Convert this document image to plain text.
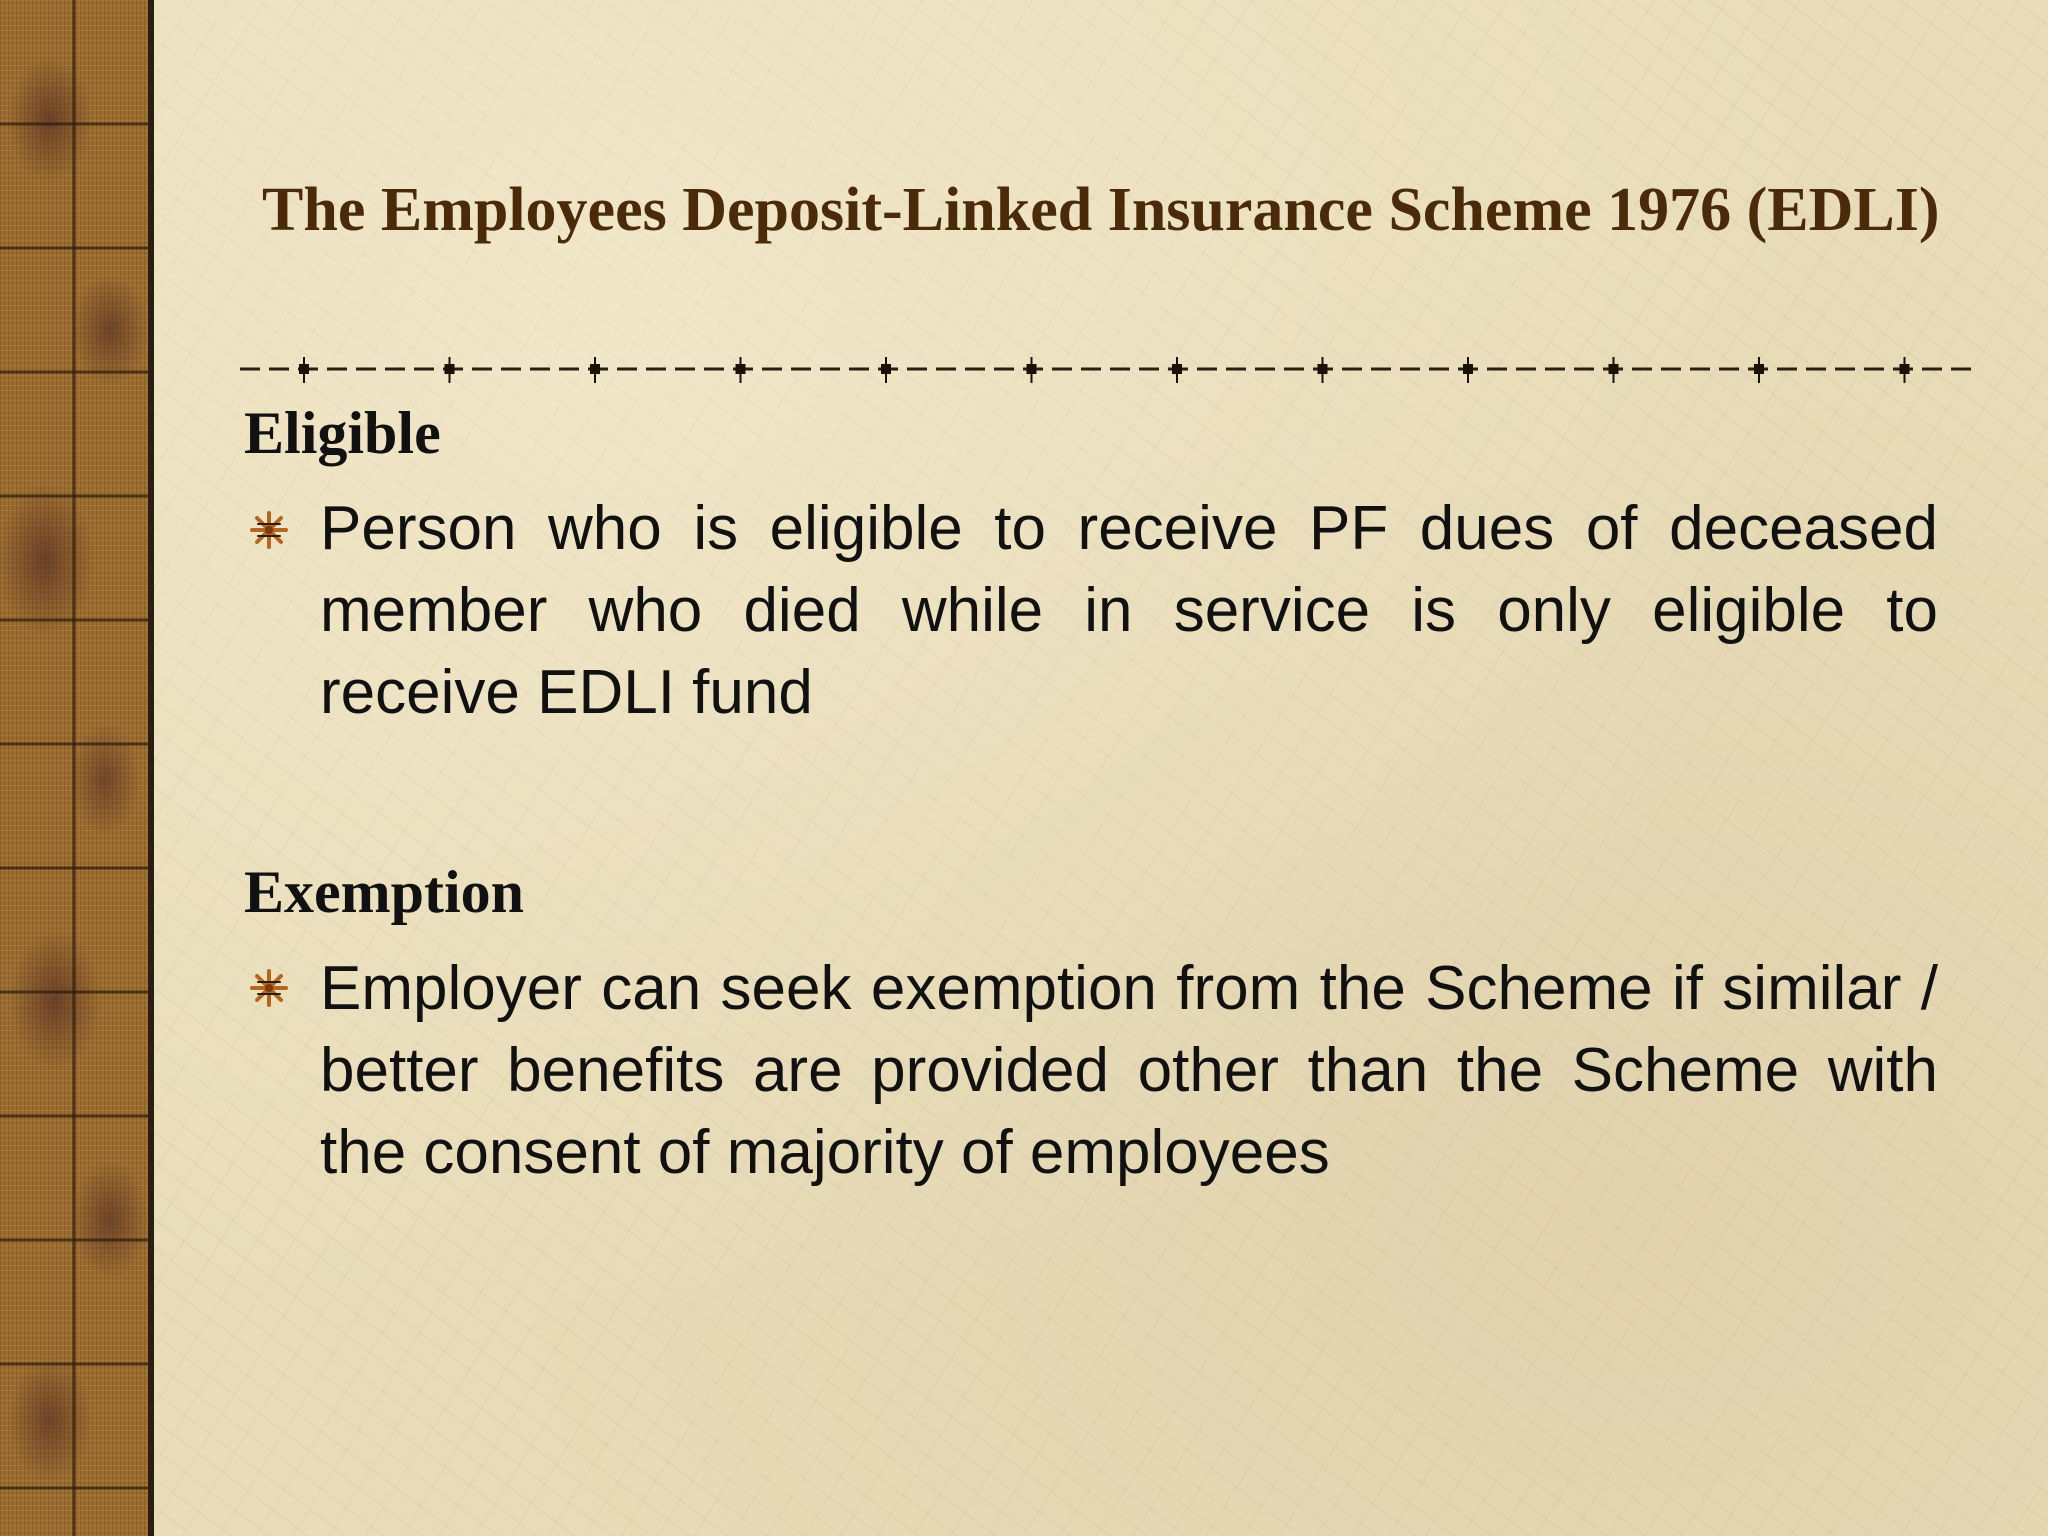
The Employees Deposit-Linked Insurance Scheme 1976 (EDLI)
Eligible

Person who is eligible to receive PF dues of deceased member who died while in service is only eligible to receive EDLI fund

Exemption

Employer can seek exemption from the Scheme if similar / better benefits are provided other than the Scheme with the consent of majority of employees
